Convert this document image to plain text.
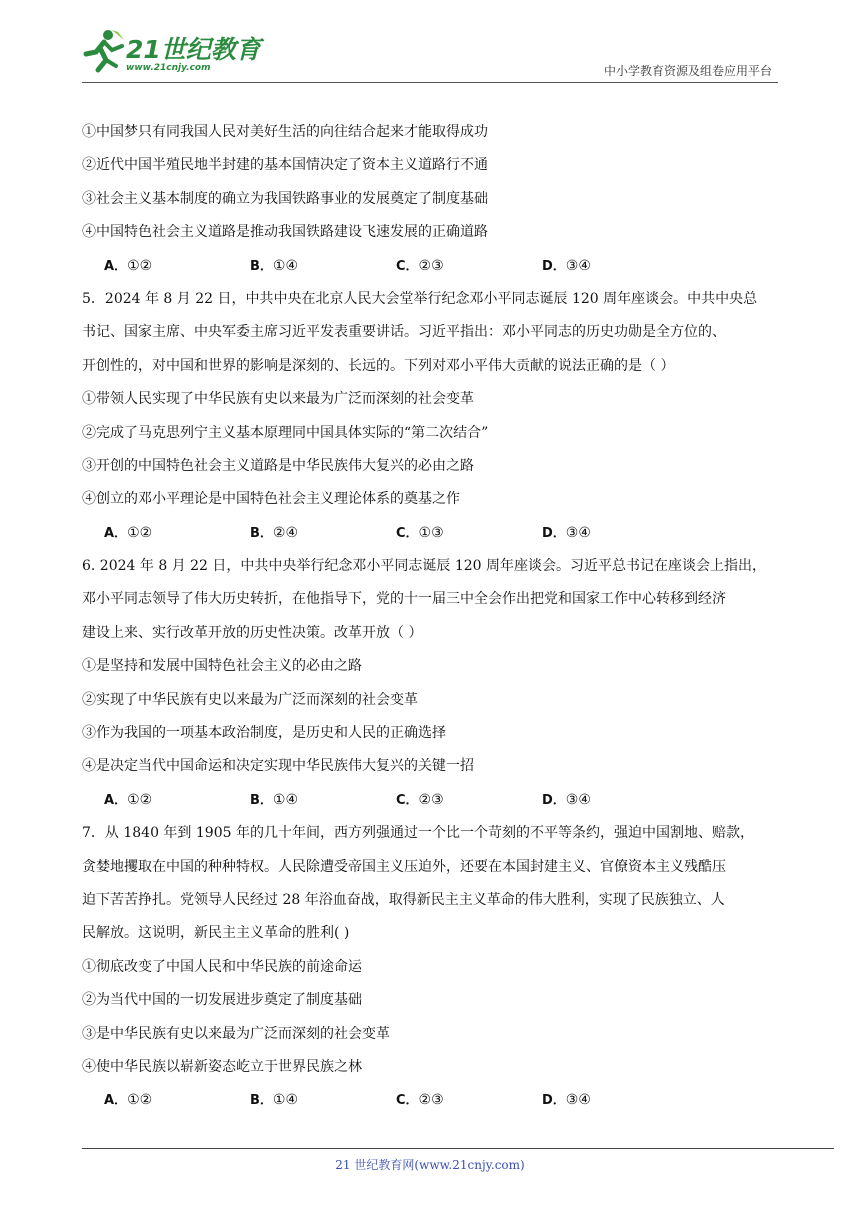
21世纪教育
www.21cnjy.com	中小学教育资源及组卷应用平台
①中国梦只有同我国人民对美好生活的向往结合起来才能取得成功
②近代中国半殖民地半封建的基本国情决定了资本主义道路行不通
③社会主义基本制度的确立为我国铁路事业的发展奠定了制度基础
④中国特色社会主义道路是推动我国铁路建设飞速发展的正确道路
A．①②	B．①④	C．②③	D．③④
5．2024 年 8 月 22 日，中共中央在北京人民大会堂举行纪念邓小平同志诞辰 120 周年座谈会。中共中央总
书记、国家主席、中央军委主席习近平发表重要讲话。习近平指出：邓小平同志的历史功勋是全方位的、
开创性的，对中国和世界的影响是深刻的、长远的。下列对邓小平伟大贡献的说法正确的是（ ）
①带领人民实现了中华民族有史以来最为广泛而深刻的社会变革
②完成了马克思列宁主义基本原理同中国具体实际的“第二次结合”
③开创的中国特色社会主义道路是中华民族伟大复兴的必由之路
④创立的邓小平理论是中国特色社会主义理论体系的奠基之作
A．①②	B．②④	C．①③	D．③④
6. 2024 年 8 月 22 日，中共中央举行纪念邓小平同志诞辰 120 周年座谈会。习近平总书记在座谈会上指出，
邓小平同志领导了伟大历史转折，在他指导下，党的十一届三中全会作出把党和国家工作中心转移到经济
建设上来、实行改革开放的历史性决策。改革开放（ ）
①是坚持和发展中国特色社会主义的必由之路
②实现了中华民族有史以来最为广泛而深刻的社会变革
③作为我国的一项基本政治制度，是历史和人民的正确选择
④是决定当代中国命运和决定实现中华民族伟大复兴的关键一招
A．①②	B．①④	C．②③	D．③④
7．从 1840 年到 1905 年的几十年间，西方列强通过一个比一个苛刻的不平等条约，强迫中国割地、赔款，
贪婪地攫取在中国的种种特权。人民除遭受帝国主义压迫外，还要在本国封建主义、官僚资本主义残酷压
迫下苦苦挣扎。党领导人民经过 28 年浴血奋战，取得新民主主义革命的伟大胜利，实现了民族独立、人
民解放。这说明，新民主主义革命的胜利( )
①彻底改变了中国人民和中华民族的前途命运
②为当代中国的一切发展进步奠定了制度基础
③是中华民族有史以来最为广泛而深刻的社会变革
④使中华民族以崭新姿态屹立于世界民族之林
A．①②	B．①④	C．②③	D．③④
21 世纪教育网(www.21cnjy.com)
